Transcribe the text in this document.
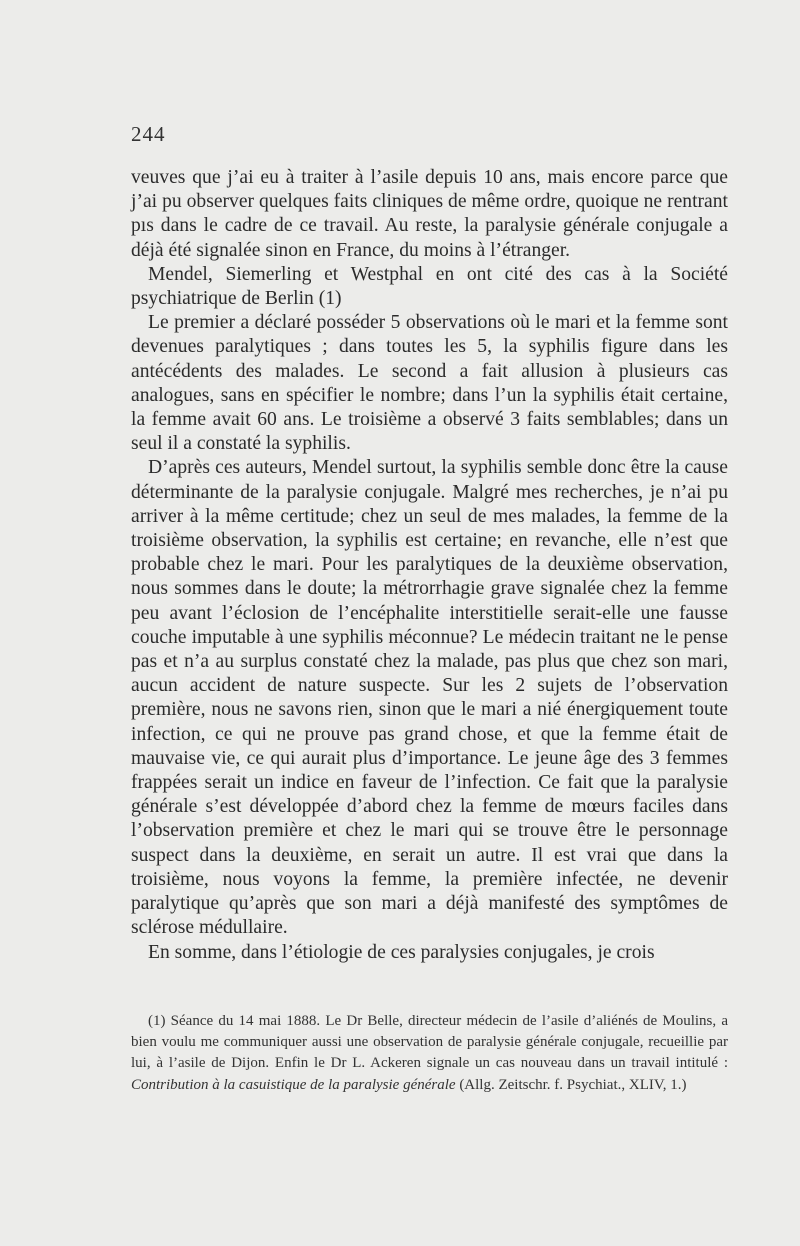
244

veuves que j’ai eu à traiter à l’asile depuis 10 ans, mais encore parce que j’ai pu observer quelques faits cliniques de même ordre, quoique ne rentrant pıs dans le cadre de ce travail. Au reste, la paralysie générale conjugale a déjà été signalée sinon en France, du moins à l’étranger.

Mendel, Siemerling et Westphal en ont cité des cas à la Société psychiatrique de Berlin (1)

Le premier a déclaré posséder 5 observations où le mari et la femme sont devenues paralytiques ; dans toutes les 5, la syphilis figure dans les antécédents des malades. Le second a fait allusion à plusieurs cas analogues, sans en spécifier le nombre; dans l’un la syphilis était certaine, la femme avait 60 ans. Le troisième a observé 3 faits semblables; dans un seul il a constaté la syphilis.

D’après ces auteurs, Mendel surtout, la syphilis semble donc être la cause déterminante de la paralysie conjugale. Malgré mes recherches, je n’ai pu arriver à la même certitude; chez un seul de mes malades, la femme de la troisième observation, la syphilis est certaine; en revanche, elle n’est que probable chez le mari. Pour les paralytiques de la deuxième observation, nous sommes dans le doute; la métrorrhagie grave signalée chez la femme peu avant l’éclosion de l’encéphalite interstitielle serait-elle une fausse couche imputable à une syphilis méconnue? Le médecin traitant ne le pense pas et n’a au surplus constaté chez la malade, pas plus que chez son mari, aucun accident de nature suspecte. Sur les 2 sujets de l’observation première, nous ne savons rien, sinon que le mari a nié énergiquement toute infection, ce qui ne prouve pas grand chose, et que la femme était de mauvaise vie, ce qui aurait plus d’importance. Le jeune âge des 3 femmes frappées serait un indice en faveur de l’infection. Ce fait que la paralysie générale s’est développée d’abord chez la femme de mœurs faciles dans l’observation première et chez le mari qui se trouve être le personnage suspect dans la deuxième, en serait un autre. Il est vrai que dans la troisième, nous voyons la femme, la première infectée, ne devenir paralytique qu’après que son mari a déjà manifesté des symptômes de sclérose médullaire.

En somme, dans l’étiologie de ces paralysies conjugales, je crois

(1) Séance du 14 mai 1888. Le Dr Belle, directeur médecin de l’asile d’aliénés de Moulins, a bien voulu me communiquer aussi une observation de paralysie générale conjugale, recueillie par lui, à l’asile de Dijon. Enfin le Dr L. Ackeren signale un cas nouveau dans un travail intitulé : Contribution à la casuistique de la paralysie générale (Allg. Zeitschr. f. Psychiat., XLIV, 1.)
